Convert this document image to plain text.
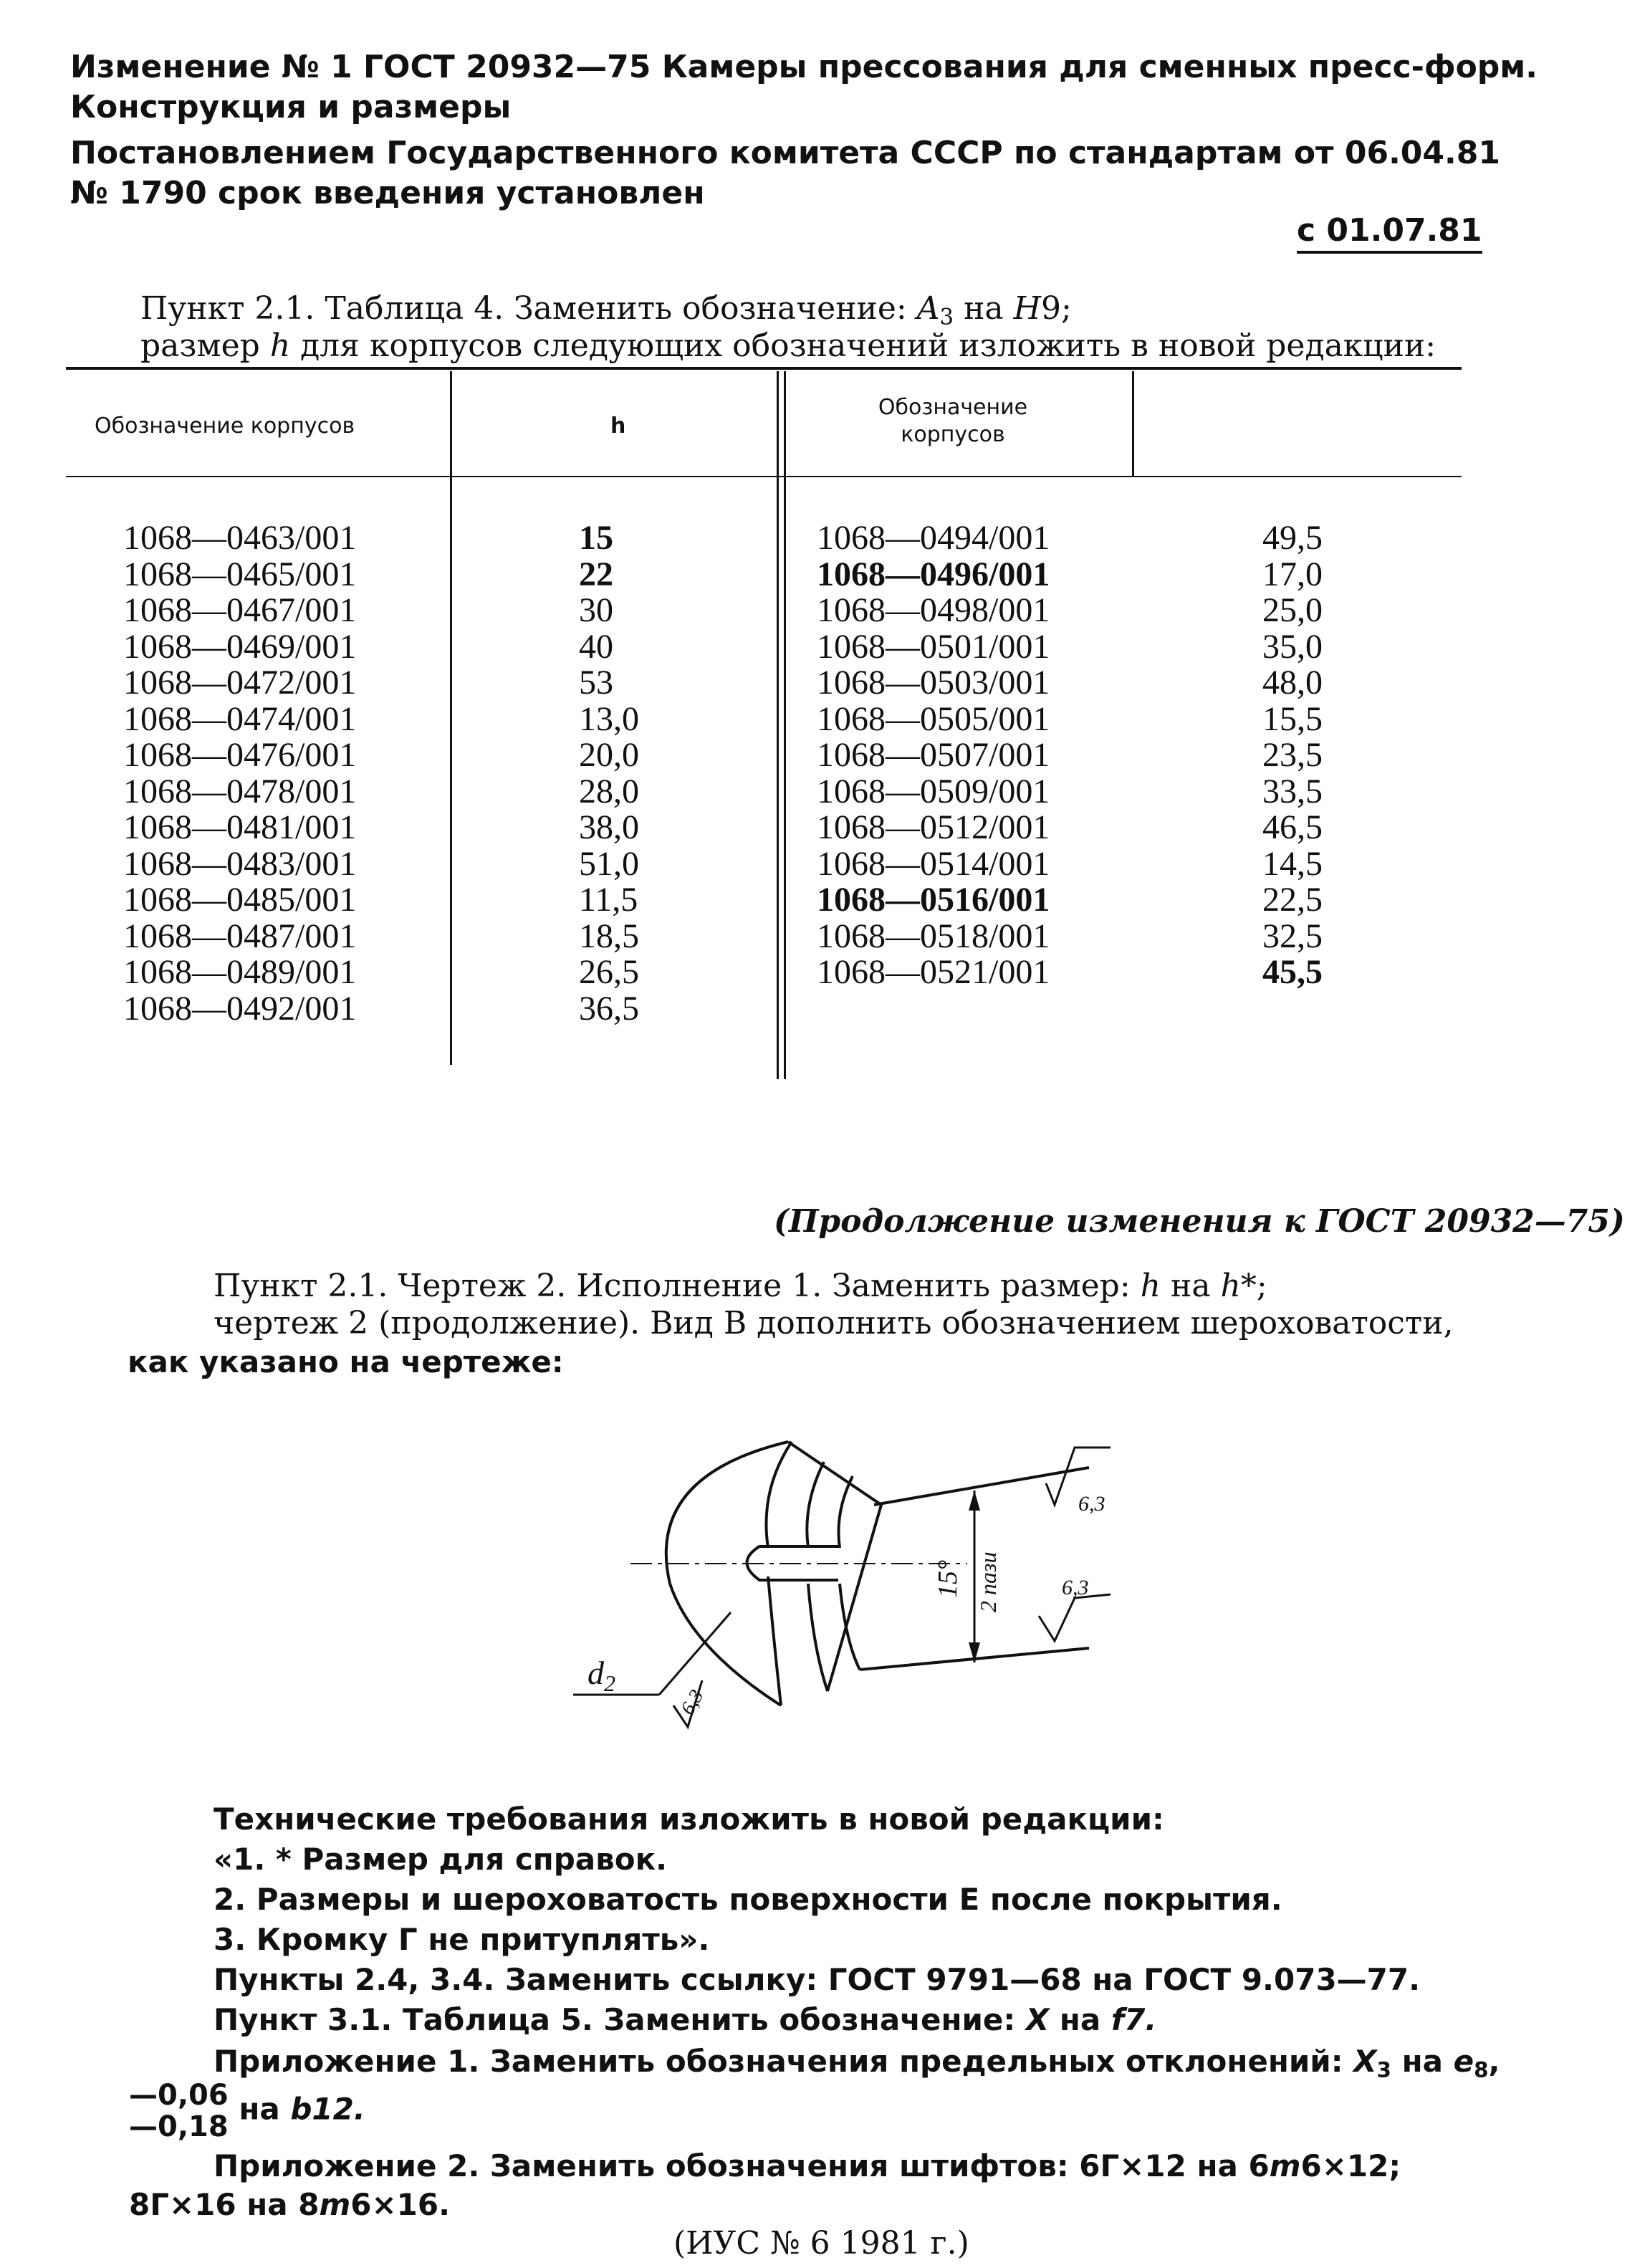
Изменение № 1 ГОСТ 20932—75 Камеры прессования для сменных пресс-форм.
Конструкция и размеры
Постановлением Государственного комитета СССР по стандартам от 06.04.81
№ 1790 срок введения установлен
с 01.07.81
Пункт 2.1. Таблица 4. Заменить обозначение: $A_3$ на H9;
размер h для корпусов следующих обозначений изложить в новой редакции:
Обозначение корпусов	h
Обозначение корпусов
1068—0463/001
1068—0465/001
1068—0467/001
1068—0469/001
1068—0472/001
1068—0474/001
1068—0476/001
1068—0478/001
1068—0481/001
1068—0483/001
1068—0485/001
1068—0487/001
1068—0489/001
1068—0492/001
15
22
30
40
53
13,0
20,0
28,0
38,0
51,0
11,5
18,5
26,5
36,5
1068—0494/001
1068—0496/001
1068—0498/001
1068—0501/001
1068—0503/001
1068—0505/001
1068—0507/001
1068—0509/001
1068—0512/001
1068—0514/001
1068—0516/001
1068—0518/001
1068—0521/001
49,5
17,0
25,0
35,0
48,0
15,5
23,5
33,5
46,5
14,5
22,5
32,5
45,5
(Продолжение изменения к ГОСТ 20932—75)
Пункт 2.1. Чертеж 2. Исполнение 1. Заменить размер: h на h*;
чертеж 2 (продолжение). Вид В дополнить обозначением шероховатости,
как указано на чертеже:
$d_2$
15° 2 пази
6,3
6,3
6,3
Технические требования изложить в новой редакции:
«1. * Размер для справок.
2. Размеры и шероховатость поверхности Е после покрытия.
3. Кромку Г не притуплять».
Пункты 2.4, 3.4. Заменить ссылку: ГОСТ 9791—68 на ГОСТ 9.073—77.
Пункт 3.1. Таблица 5. Заменить обозначение: X на f7.
Приложение 1. Заменить обозначения предельных отклонений: $X_3$ на $e_8$,
—0,06
—0,18 на b12.
Приложение 2. Заменить обозначения штифтов: 6Г×12 на 6m6×12;
8Г×16 на 8m6×16.
(ИУС № 6 1981 г.)
